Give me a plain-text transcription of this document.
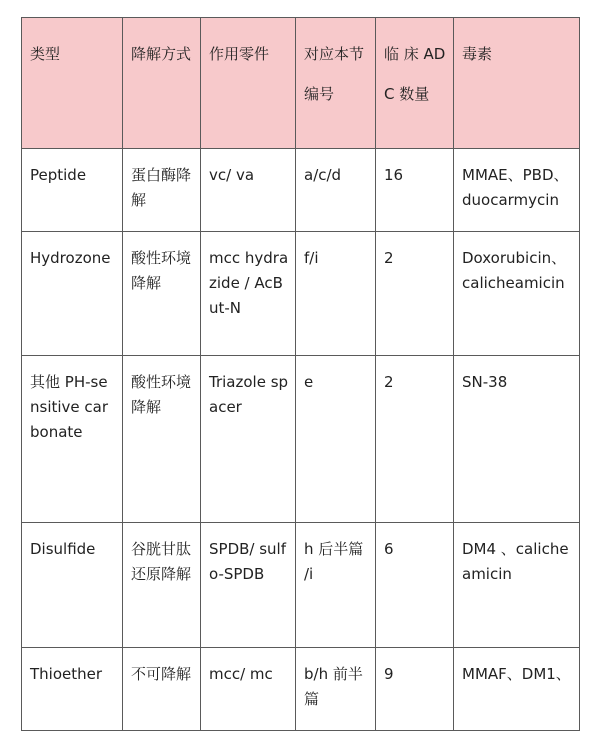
类型	降解方式	作用零件	对应本节编号	临 床 ADC 数量	毒素
Peptide	蛋白酶降解	vc/ va	a/c/d	16	MMAE、PBD、duocarmycin
Hydrozone	酸性环境降解	mcc hydrazide / AcBut-N	f/i	2	Doxorubicin、calicheamicin
其他 PH-sensitive carbonate	酸性环境降解	Triazole spacer	e	2	SN-38
Disulfide	谷胱甘肽还原降解	SPDB/ sulfo-SPDB	h 后半篇 /i	6	DM4 、calicheamicin
Thioether	不可降解	mcc/ mc	b/h 前半篇	9	MMAF、DM1、
